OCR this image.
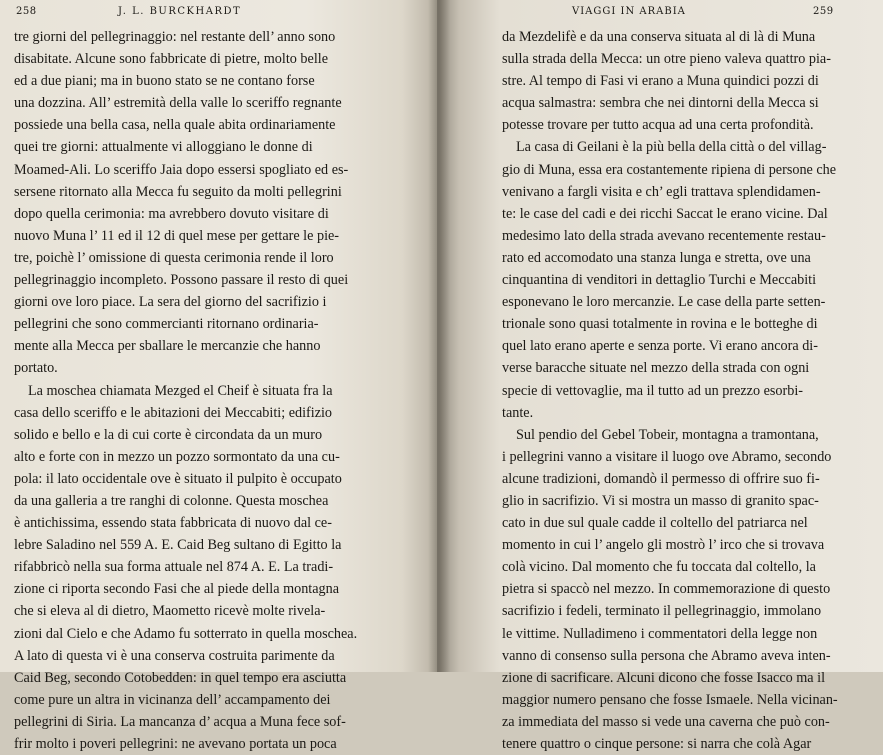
258	J. L. BURCKHARDT
tre giorni del pellegrinaggio: nel restante dell’ anno sono
disabitate. Alcune sono fabbricate di pietre, molto belle
ed a due piani; ma in buono stato se ne contano forse
una dozzina. All’ estremità della valle lo sceriffo regnante
possiede una bella casa, nella quale abita ordinariamente
quei tre giorni: attualmente vi alloggiano le donne di
Moamed-Ali. Lo sceriffo Jaia dopo essersi spogliato ed es-
sersene ritornato alla Mecca fu seguito da molti pellegrini
dopo quella cerimonia: ma avrebbero dovuto visitare di
nuovo Muna l’ 11 ed il 12 di quel mese per gettare le pie-
tre, poichè l’ omissione di questa cerimonia rende il loro
pellegrinaggio incompleto. Possono passare il resto di quei
giorni ove loro piace. La sera del giorno del sacrifizio i
pellegrini che sono commercianti ritornano ordinaria-
mente alla Mecca per sballare le mercanzie che hanno
portato.
La moschea chiamata Mezged el Cheif è situata fra la
casa dello sceriffo e le abitazioni dei Meccabiti; edifizio
solido e bello e la di cui corte è circondata da un muro
alto e forte con in mezzo un pozzo sormontato da una cu-
pola: il lato occidentale ove è situato il pulpito è occupato
da una galleria a tre ranghi di colonne. Questa moschea
è antichissima, essendo stata fabbricata di nuovo dal ce-
lebre Saladino nel 559 A. E. Caid Beg sultano di Egitto la
rifabbricò nella sua forma attuale nel 874 A. E. La tradi-
zione ci riporta secondo Fasi che al piede della montagna
che si eleva al di dietro, Maometto ricevè molte rivela-
zioni dal Cielo e che Adamo fu sotterrato in quella moschea.
A lato di questa vi è una conserva costruita parimente da
Caid Beg, secondo Cotobedden: in quel tempo era asciutta
come pure un altra in vicinanza dell’ accampamento dei
pellegrini di Siria. La mancanza d’ acqua a Muna fece sof-
frir molto i poveri pellegrini: ne avevano portata un poca
VIAGGI IN ARABIA	259
da Mezdelifè e da una conserva situata al di là di Muna
sulla strada della Mecca: un otre pieno valeva quattro pia-
stre. Al tempo di Fasi vi erano a Muna quindici pozzi di
acqua salmastra: sembra che nei dintorni della Mecca si
potesse trovare per tutto acqua ad una certa profondità.
La casa di Geilani è la più bella della città o del villag-
gio di Muna, essa era costantemente ripiena di persone che
venivano a fargli visita e ch’ egli trattava splendidamen-
te: le case del cadi e dei ricchi Saccat le erano vicine. Dal
medesimo lato della strada avevano recentemente restau-
rato ed accomodato una stanza lunga e stretta, ove una
cinquantina di venditori in dettaglio Turchi e Meccabiti
esponevano le loro mercanzie. Le case della parte setten-
trionale sono quasi totalmente in rovina e le botteghe di
quel lato erano aperte e senza porte. Vi erano ancora di-
verse baracche situate nel mezzo della strada con ogni
specie di vettovaglie, ma il tutto ad un prezzo esorbi-
tante.
Sul pendio del Gebel Tobeir, montagna a tramontana,
i pellegrini vanno a visitare il luogo ove Abramo, secondo
alcune tradizioni, domandò il permesso di offrire suo fi-
glio in sacrifizio. Vi si mostra un masso di granito spac-
cato in due sul quale cadde il coltello del patriarca nel
momento in cui l’ angelo gli mostrò l’ irco che si trovava
colà vicino. Dal momento che fu toccata dal coltello, la
pietra si spaccò nel mezzo. In commemorazione di questo
sacrifizio i fedeli, terminato il pellegrinaggio, immolano
le vittime. Nulladimeno i commentatori della legge non
vanno di consenso sulla persona che Abramo aveva inten-
zione di sacrificare. Alcuni dicono che fosse Isacco ma il
maggior numero pensano che fosse Ismaele. Nella vicinan-
za immediata del masso si vede una caverna che può con-
tenere quattro o cinque persone: si narra che colà Agar
